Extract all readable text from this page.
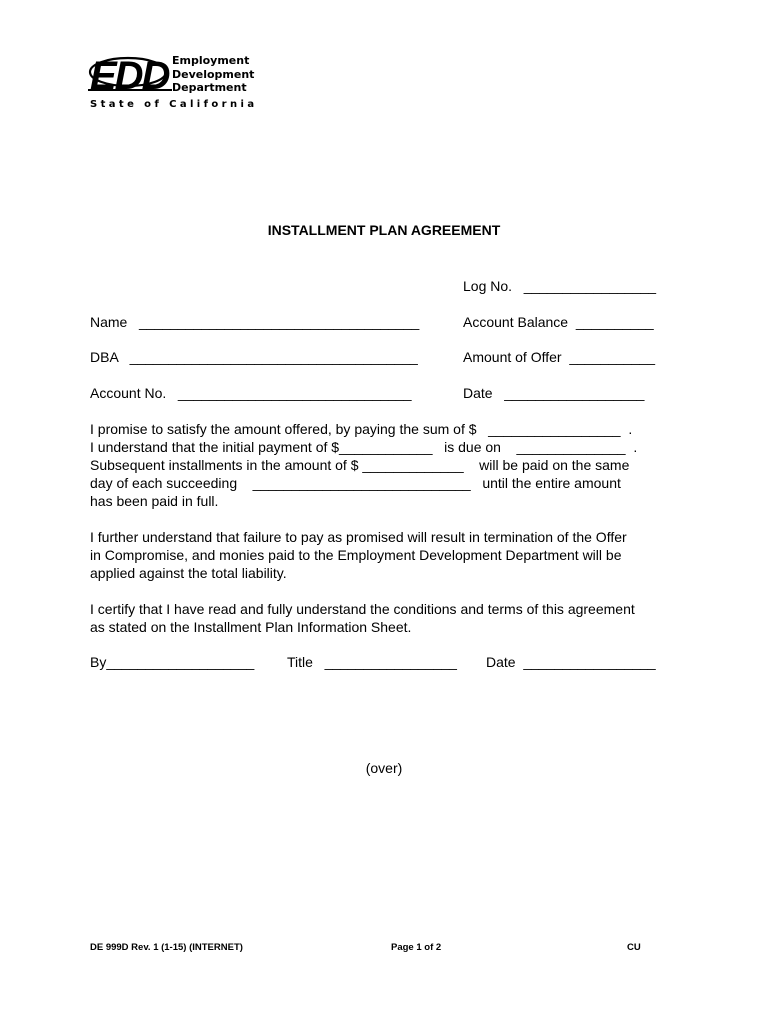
EDD Employment
Development
Department
State of California
INSTALLMENT PLAN AGREEMENT
Log No.   _________________
Name   ____________________________________	Account Balance  __________
DBA   _____________________________________	Amount of Offer  ___________
Account No.   ______________________________	Date   __________________
I promise to satisfy the amount offered, by paying the sum of $   _________________  .
I understand that the initial payment of $____________   is due on    ______________  .
Subsequent installments in the amount of $ _____________    will be paid on the same
day of each succeeding    ____________________________   until the entire amount
has been paid in full.
I further understand that failure to pay as promised will result in termination of the Offer
in Compromise, and monies paid to the Employment Development Department will be
applied against the total liability.
I certify that I have read and fully understand the conditions and terms of this agreement
as stated on the Installment Plan Information Sheet.
By___________________ Title   _________________ Date  _________________
(over)
DE 999D Rev. 1 (1-15) (INTERNET)	Page 1 of 2	CU
